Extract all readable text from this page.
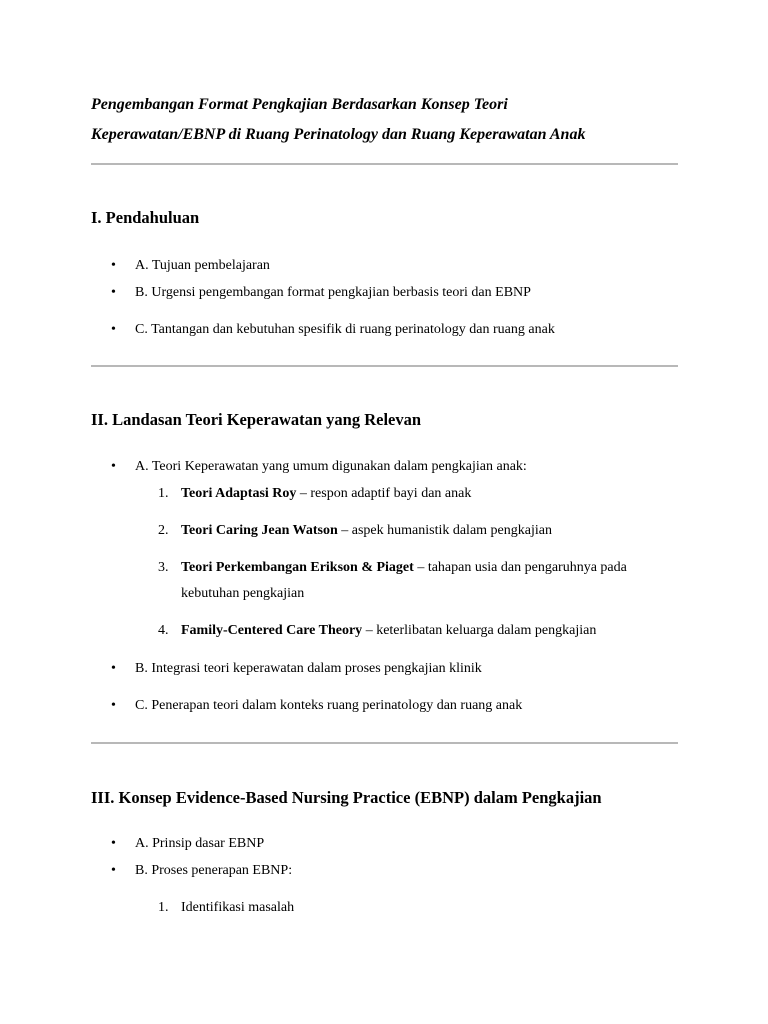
Pengembangan Format Pengkajian Berdasarkan Konsep Teori
Keperawatan/EBNP di Ruang Perinatology dan Ruang Keperawatan Anak
I. Pendahuluan
• A. Tujuan pembelajaran
• B. Urgensi pengembangan format pengkajian berbasis teori dan EBNP
• C. Tantangan dan kebutuhan spesifik di ruang perinatology dan ruang anak
II. Landasan Teori Keperawatan yang Relevan
• A. Teori Keperawatan yang umum digunakan dalam pengkajian anak:
1. Teori Adaptasi Roy – respon adaptif bayi dan anak
2. Teori Caring Jean Watson – aspek humanistik dalam pengkajian
3. Teori Perkembangan Erikson & Piaget – tahapan usia dan pengaruhnya pada kebutuhan pengkajian
4. Family-Centered Care Theory – keterlibatan keluarga dalam pengkajian
• B. Integrasi teori keperawatan dalam proses pengkajian klinik
• C. Penerapan teori dalam konteks ruang perinatology dan ruang anak
III. Konsep Evidence-Based Nursing Practice (EBNP) dalam Pengkajian
• A. Prinsip dasar EBNP
• B. Proses penerapan EBNP:
1. Identifikasi masalah
